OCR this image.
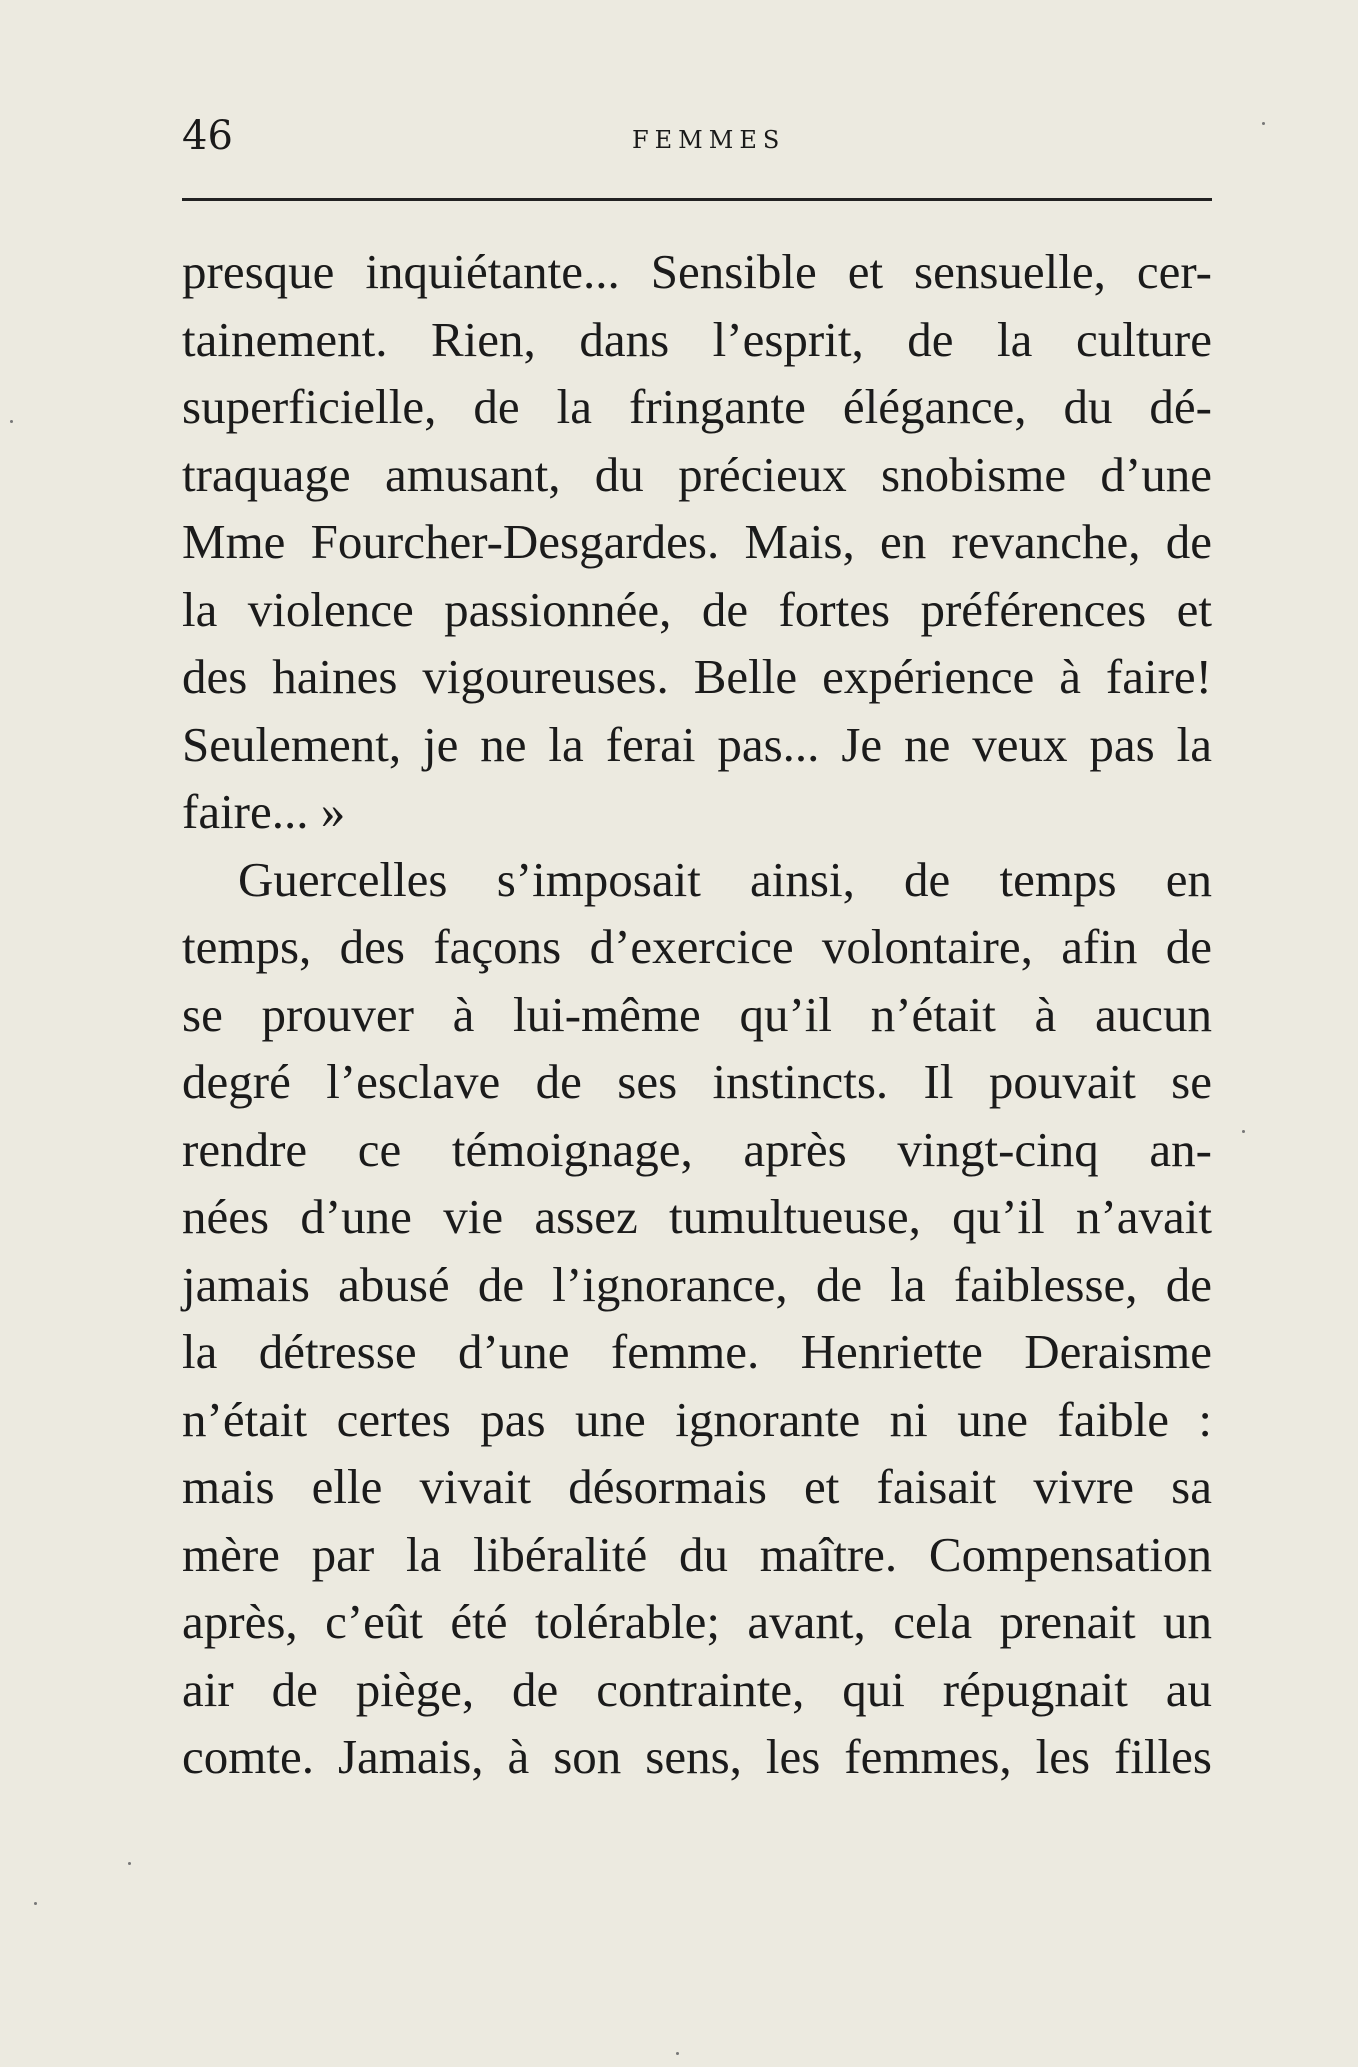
46	FEMMES
presque inquiétante... Sensible et sensuelle, cer-
tainement. Rien, dans l’esprit, de la culture
superficielle, de la fringante élégance, du dé-
traquage amusant, du précieux snobisme d’une
Mme Fourcher-Desgardes. Mais, en revanche, de
la violence passionnée, de fortes préférences et
des haines vigoureuses. Belle expérience à faire!
Seulement, je ne la ferai pas... Je ne veux pas la
faire... »
Guercelles s’imposait ainsi, de temps en
temps, des façons d’exercice volontaire, afin de
se prouver à lui-même qu’il n’était à aucun
degré l’esclave de ses instincts. Il pouvait se
rendre ce témoignage, après vingt-cinq an-
nées d’une vie assez tumultueuse, qu’il n’avait
jamais abusé de l’ignorance, de la faiblesse, de
la détresse d’une femme. Henriette Deraisme
n’était certes pas une ignorante ni une faible :
mais elle vivait désormais et faisait vivre sa
mère par la libéralité du maître. Compensation
après, c’eût été tolérable; avant, cela prenait un
air de piège, de contrainte, qui répugnait au
comte. Jamais, à son sens, les femmes, les filles
